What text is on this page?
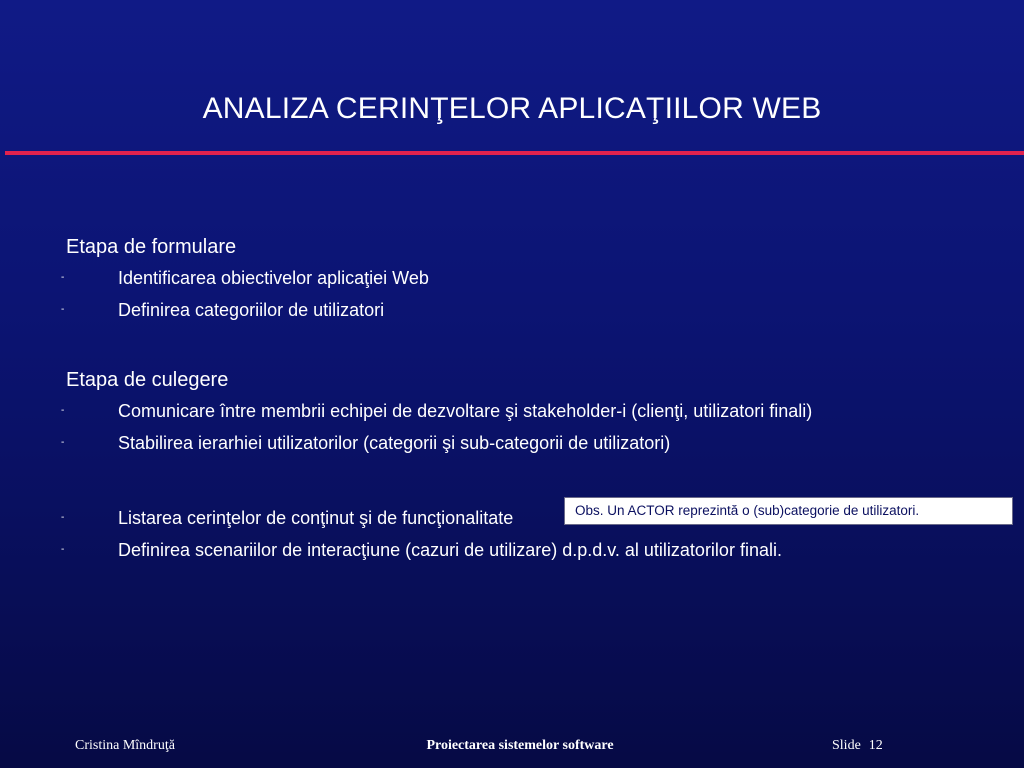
ANALIZA CERINŢELOR APLICAŢIILOR WEB

Etapa de formulare

-	Identificarea obiectivelor aplicaţiei Web
-	Definirea categoriilor de utilizatori

Etapa de culegere

-	Comunicare între membrii echipei de dezvoltare şi stakeholder-i (clienţi, utilizatori finali)
-	Stabilirea ierarhiei utilizatorilor (categorii şi sub-categorii de utilizatori)
-	Listarea cerinţelor de conţinut şi de funcţionalitate
-	Definirea scenariilor de interacţiune (cazuri de utilizare) d.p.d.v. al utilizatorilor finali.
Obs. Un ACTOR reprezintă o (sub)categorie de utilizatori.
Cristina Mîndruţă	Proiectarea sistemelor software	Slide 12
